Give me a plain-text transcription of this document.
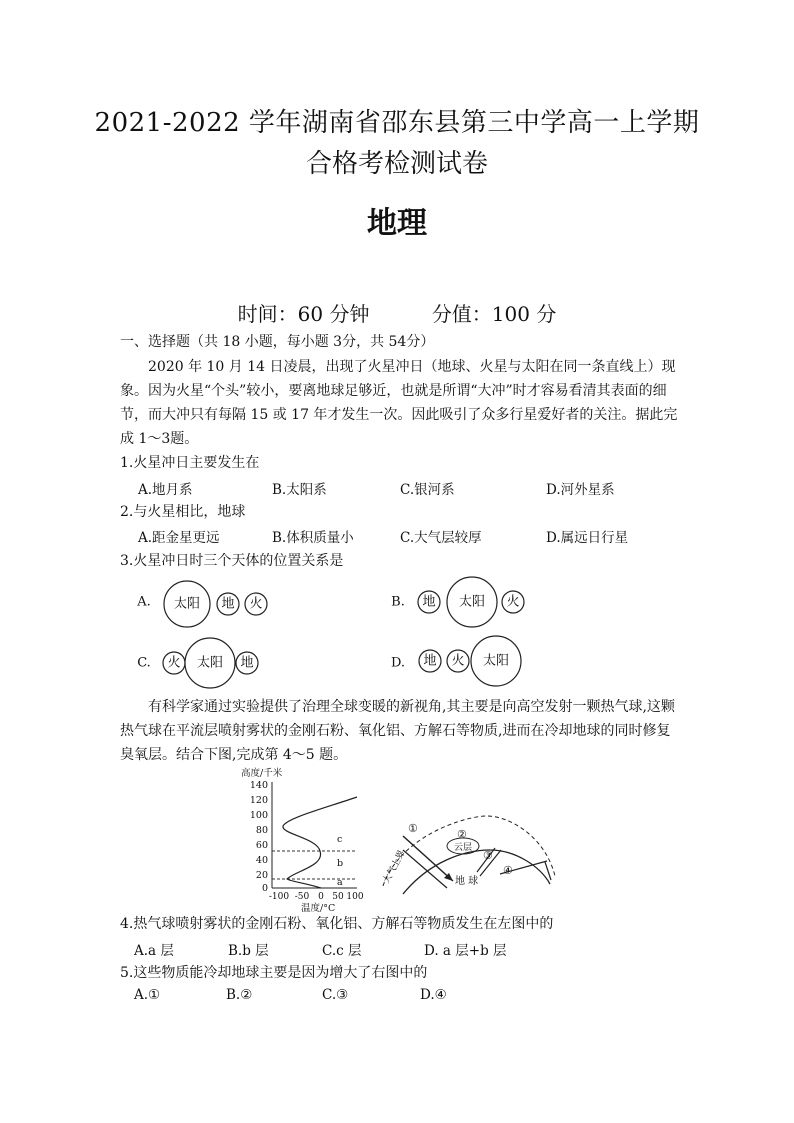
2021-2022 学年湖南省邵东县第三中学高一上学期
合格考检测试卷
地理
时间：60 分钟	分值：100 分
一、选择题（共 18 小题，每小题 3分，共 54分）
2020 年 10 月 14 日凌晨，出现了火星冲日（地球、火星与太阳在同一条直线上）现象。因为火星“个头”较小，要离地球足够近，也就是所谓“大冲”时才容易看清其表面的细节，而大冲只有每隔 15 或 17 年才发生一次。因此吸引了众多行星爱好者的关注。据此完成 1～3题。
1.火星冲日主要发生在
A.地月系	B.太阳系	C.银河系	D.河外星系
2.与火星相比，地球
A.距金星更远	B.体积质量小	C.大气层较厚	D.属远日行星
3.火星冲日时三个天体的位置关系是
A. 太阳 地 火	B. 地 太阳 火
C. 火 太阳 地	D. 地 火 太阳
有科学家通过实验提供了治理全球变暖的新视角,其主要是向高空发射一颗热气球,这颗热气球在平流层喷射雾状的金刚石粉、氧化铝、方解石等物质,进而在冷却地球的同时修复臭氧层。结合下图,完成第 4～5 题。
高度/千米
140
120
100
80
60
40
20
0
-100 -50 0 50 100
温度/°C
c
b
a
①	②
云层
③
④
地 球
大气上界
4.热气球喷射雾状的金刚石粉、氧化铝、方解石等物质发生在左图中的
A.a 层	B.b 层	C.c 层	D. a 层+b 层
5.这些物质能冷却地球主要是因为增大了右图中的
A.①	B.②	C.③	D.④
